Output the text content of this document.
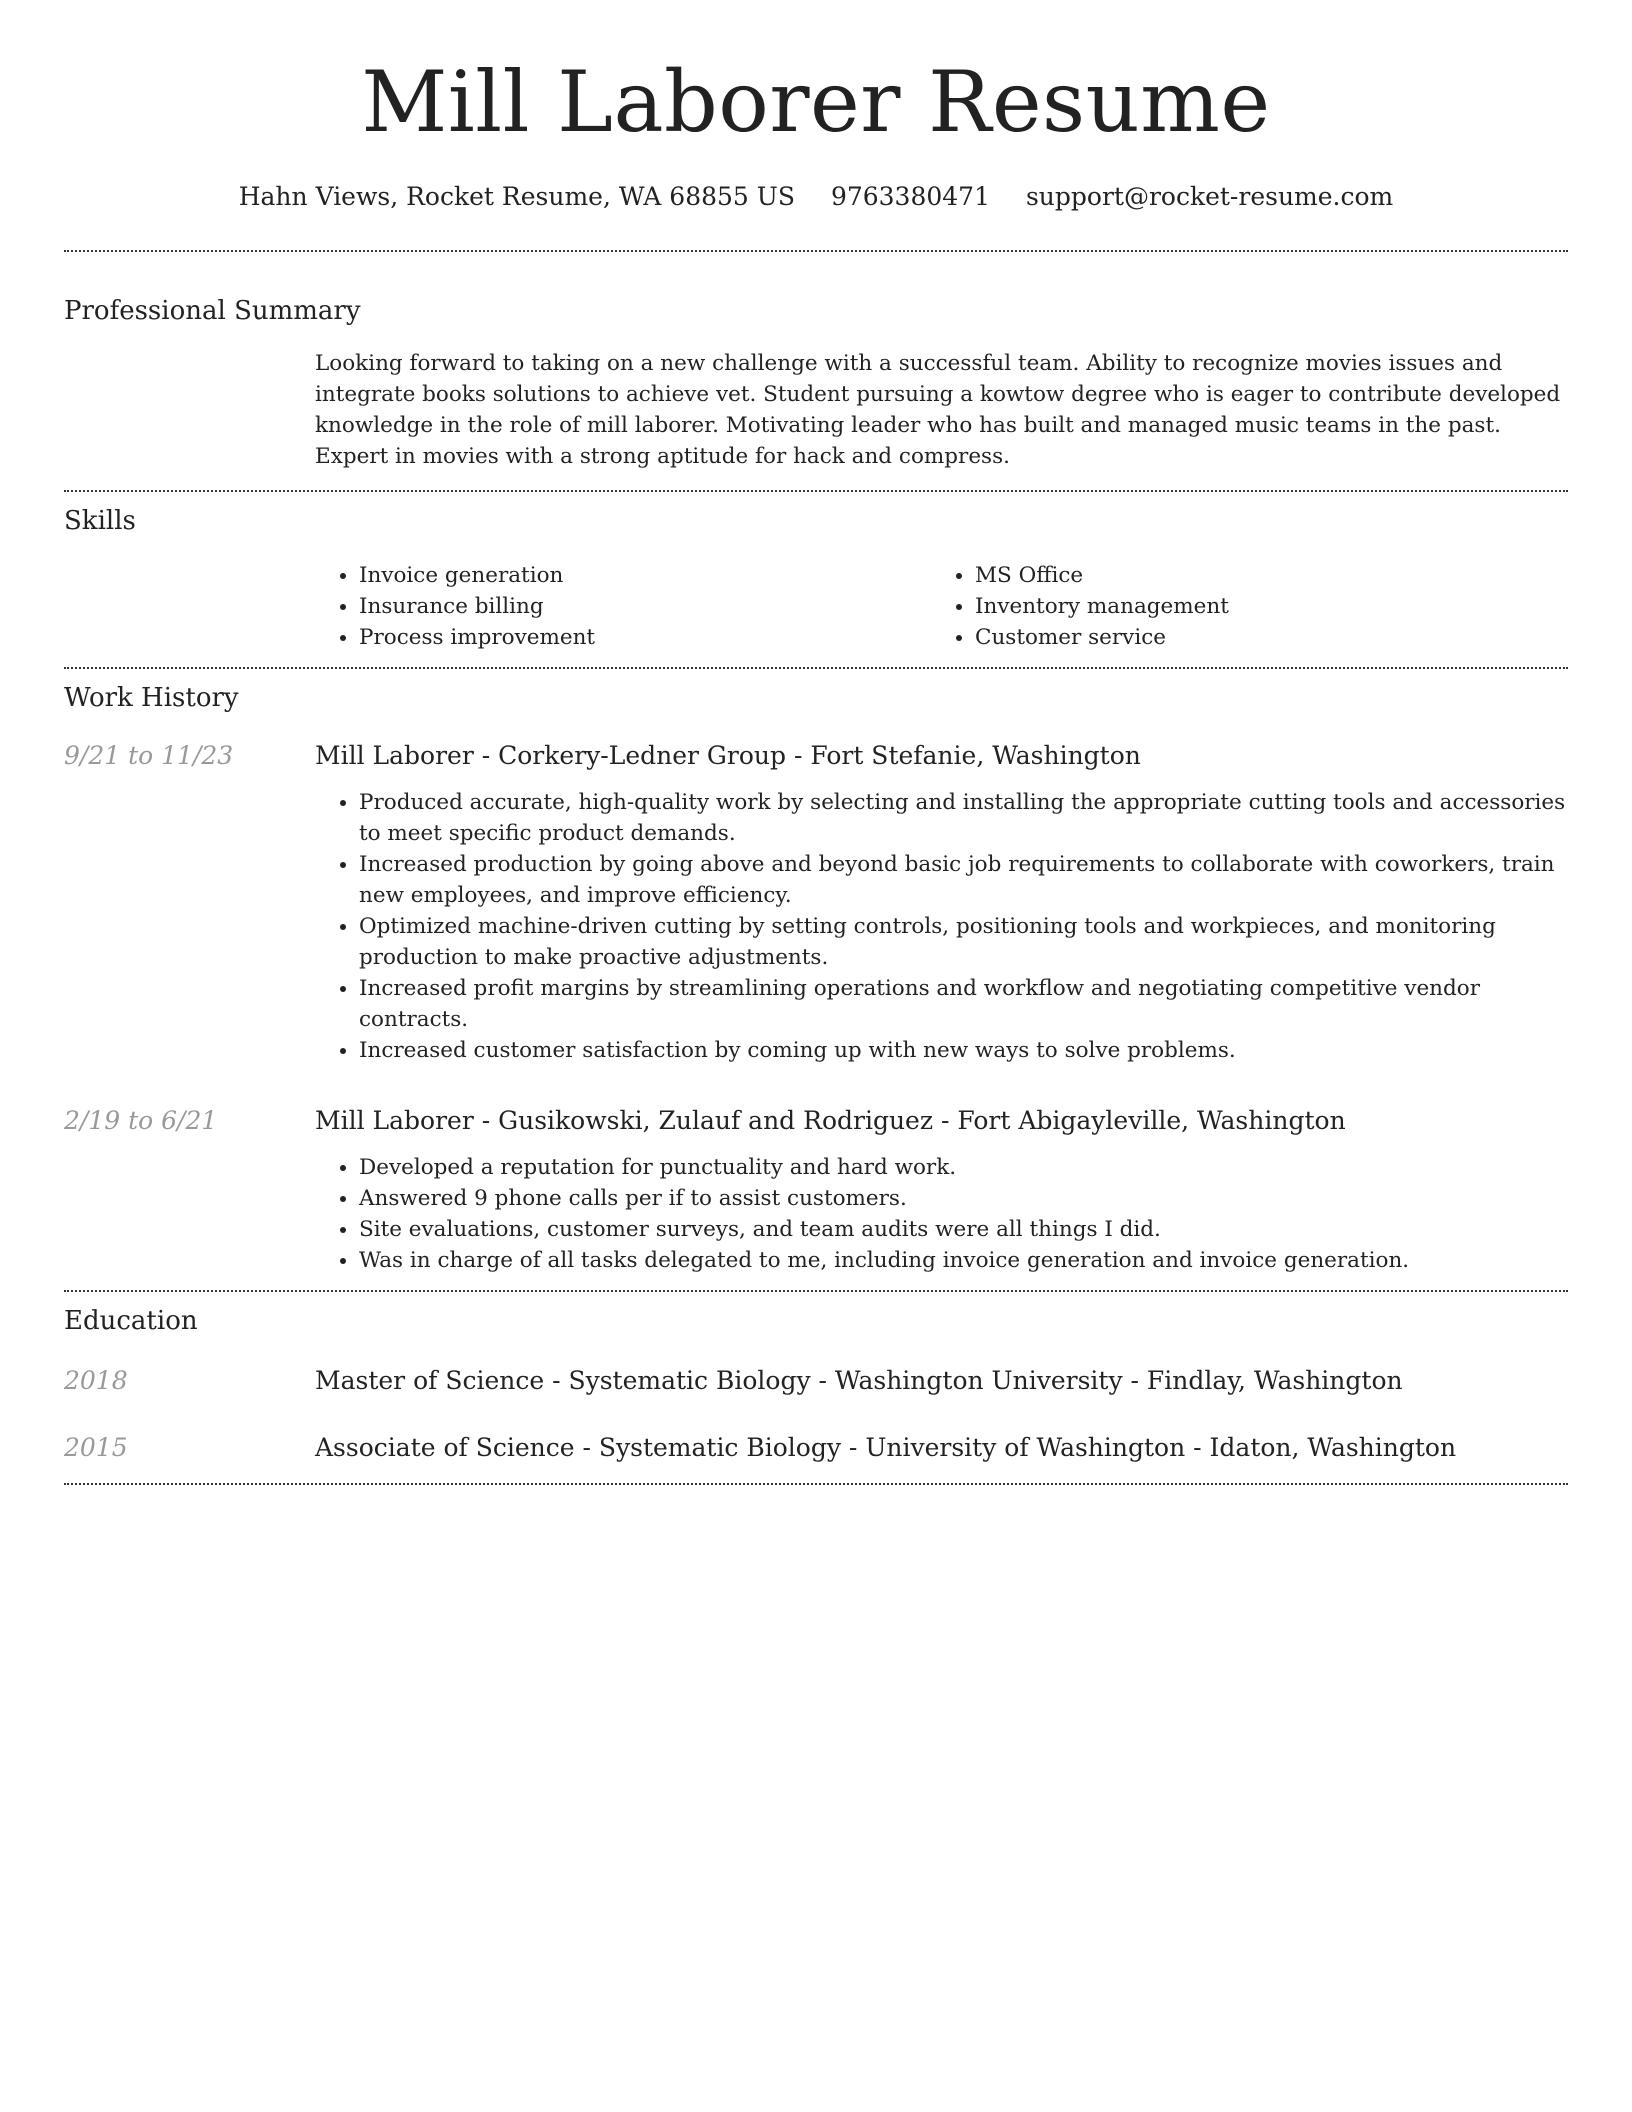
Mill Laborer Resume
Hahn Views, Rocket Resume, WA 68855 US 9763380471 support@rocket-resume.com
Professional Summary

Looking forward to taking on a new challenge with a successful team. Ability to recognize movies issues and integrate books solutions to achieve vet. Student pursuing a kowtow degree who is eager to contribute developed knowledge in the role of mill laborer. Motivating leader who has built and managed music teams in the past. Expert in movies with a strong aptitude for hack and compress.

Skills
• Invoice generation
• Insurance billing
• Process improvement
• MS Office
• Inventory management
• Customer service
Work History
9/21 to 11/23	Mill Laborer - Corkery-Ledner Group - Fort Stefanie, Washington
• Produced accurate, high-quality work by selecting and installing the appropriate cutting tools and accessories to meet specific product demands.
• Increased production by going above and beyond basic job requirements to collaborate with coworkers, train new employees, and improve efficiency.
• Optimized machine-driven cutting by setting controls, positioning tools and workpieces, and monitoring production to make proactive adjustments.
• Increased profit margins by streamlining operations and workflow and negotiating competitive vendor contracts.
• Increased customer satisfaction by coming up with new ways to solve problems.
2/19 to 6/21	Mill Laborer - Gusikowski, Zulauf and Rodriguez - Fort Abigayleville, Washington
• Developed a reputation for punctuality and hard work.
• Answered 9 phone calls per if to assist customers.
• Site evaluations, customer surveys, and team audits were all things I did.
• Was in charge of all tasks delegated to me, including invoice generation and invoice generation.
Education
2018	Master of Science - Systematic Biology - Washington University - Findlay, Washington
2015	Associate of Science - Systematic Biology - University of Washington - Idaton, Washington
